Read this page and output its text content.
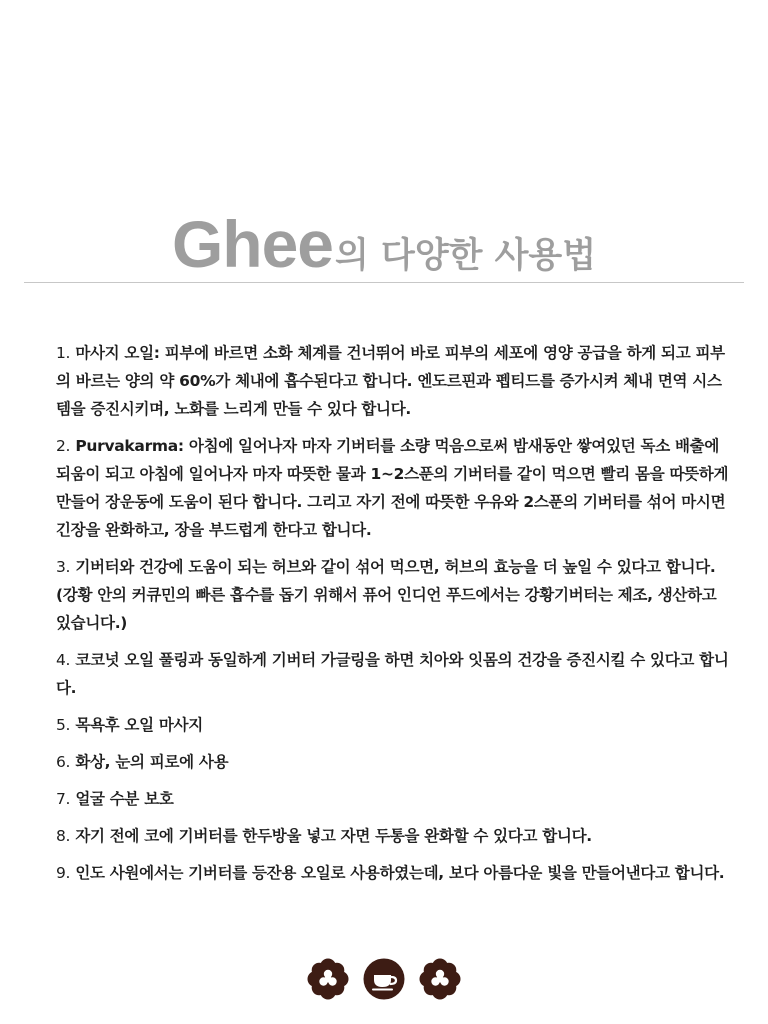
Ghee의 다양한 사용법

1. 마사지 오일: 피부에 바르면 소화 체계를 건너뛰어 바로 피부의 세포에 영양 공급을 하게 되고 피부의 바르는 양의 약 60%가 체내에 흡수된다고 합니다. 엔도르핀과 펩티드를 증가시켜 체내 면역 시스템을 증진시키며, 노화를 느리게 만들 수 있다 합니다.

2. Purvakarma: 아침에 일어나자 마자 기버터를 소량 먹음으로써 밤새동안 쌓여있던 독소 배출에 되움이 되고 아침에 일어나자 마자 따뜻한 물과 1~2스푼의 기버터를 같이 먹으면 빨리 몸을 따뜻하게 만들어 장운동에 도움이 된다 합니다. 그리고 자기 전에 따뜻한 우유와 2스푼의 기버터를 섞어 마시면 긴장을 완화하고, 장을 부드럽게 한다고 합니다.

3. 기버터와 건강에 도움이 되는 허브와 같이 섞어 먹으면, 허브의 효능을 더 높일 수 있다고 합니다. (강황 안의 커큐민의 빠른 흡수를 돕기 위해서 퓨어 인디언 푸드에서는 강황기버터는 제조, 생산하고 있습니다.)

4. 코코넛 오일 풀링과 동일하게 기버터 가글링을 하면 치아와 잇몸의 건강을 증진시킬 수 있다고 합니다.

5. 목욕후 오일 마사지

6. 화상, 눈의 피로에 사용

7. 얼굴 수분 보호

8. 자기 전에 코에 기버터를 한두방울 넣고 자면 두통을 완화할 수 있다고 합니다.

9. 인도 사원에서는 기버터를 등잔용 오일로 사용하였는데, 보다 아름다운 빛을 만들어낸다고 합니다.
